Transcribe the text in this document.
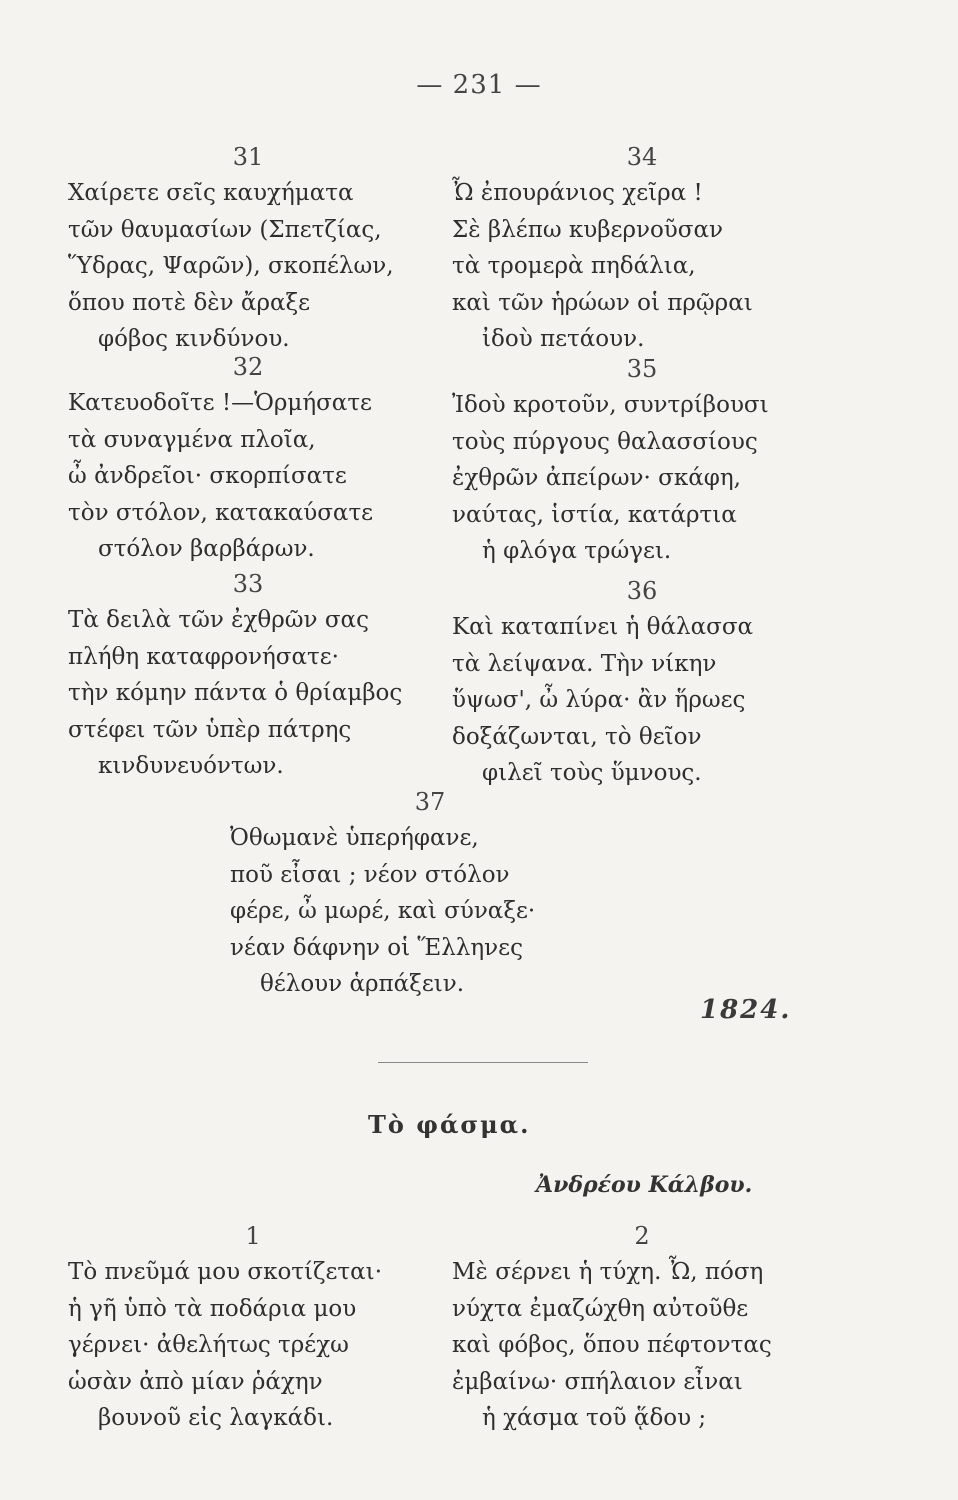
— 231 —
31
Χαίρετε σεῖς καυχήματα
τῶν θαυμασίων (Σπετζίας,
Ὕδρας, Ψαρῶν), σκοπέλων,
ὅπου ποτὲ δὲν ἄραξε
φόβος κινδύνου.
32
Κατευοδοῖτε !—Ὁρμήσατε
τὰ συναγμένα πλοῖα,
ὦ ἀνδρεῖοι· σκορπίσατε
τὸν στόλον, κατακαύσατε
στόλον βαρβάρων.
33
Τὰ δειλὰ τῶν ἐχθρῶν σας
πλήθη καταφρονήσατε·
τὴν κόμην πάντα ὁ θρίαμβος
στέφει τῶν ὑπὲρ πάτρης
κινδυνευόντων.
34
Ὦ ἐπουράνιος χεῖρα !
Σὲ βλέπω κυβερνοῦσαν
τὰ τρομερὰ πηδάλια,
καὶ τῶν ἡρώων οἱ πρῷραι
ἰδοὺ πετάουν.
35
Ἰδοὺ κροτοῦν, συντρίβουσι
τοὺς πύργους θαλασσίους
ἐχθρῶν ἀπείρων· σκάφη,
ναύτας, ἱστία, κατάρτια
ἡ φλόγα τρώγει.
36
Καὶ καταπίνει ἡ θάλασσα
τὰ λείψανα. Τὴν νίκην
ὕψωσ', ὦ λύρα· ἂν ἥρωες
δοξάζωνται, τὸ θεῖον
φιλεῖ τοὺς ὕμνους.
37
Ὀθωμανὲ ὑπερήφανε,
ποῦ εἶσαι ; νέον στόλον
φέρε, ὦ μωρέ, καὶ σύναξε·
νέαν δάφνην οἱ Ἕλληνες
θέλουν ἁρπάξειν.
1824.
Τὸ φάσμα.
Ἀνδρέου Κάλβου.
1
Τὸ πνεῦμά μου σκοτίζεται·
ἡ γῆ ὑπὸ τὰ ποδάρια μου
γέρνει· ἀθελήτως τρέχω
ὡσὰν ἀπὸ μίαν ῥάχην
βουνοῦ εἰς λαγκάδι.
2
Μὲ σέρνει ἡ τύχη. Ὦ, πόση
νύχτα ἐμαζώχθη αὐτοῦθε
καὶ φόβος, ὅπου πέφτοντας
ἐμβαίνω· σπήλαιον εἶναι
ἡ χάσμα τοῦ ᾅδου ;
